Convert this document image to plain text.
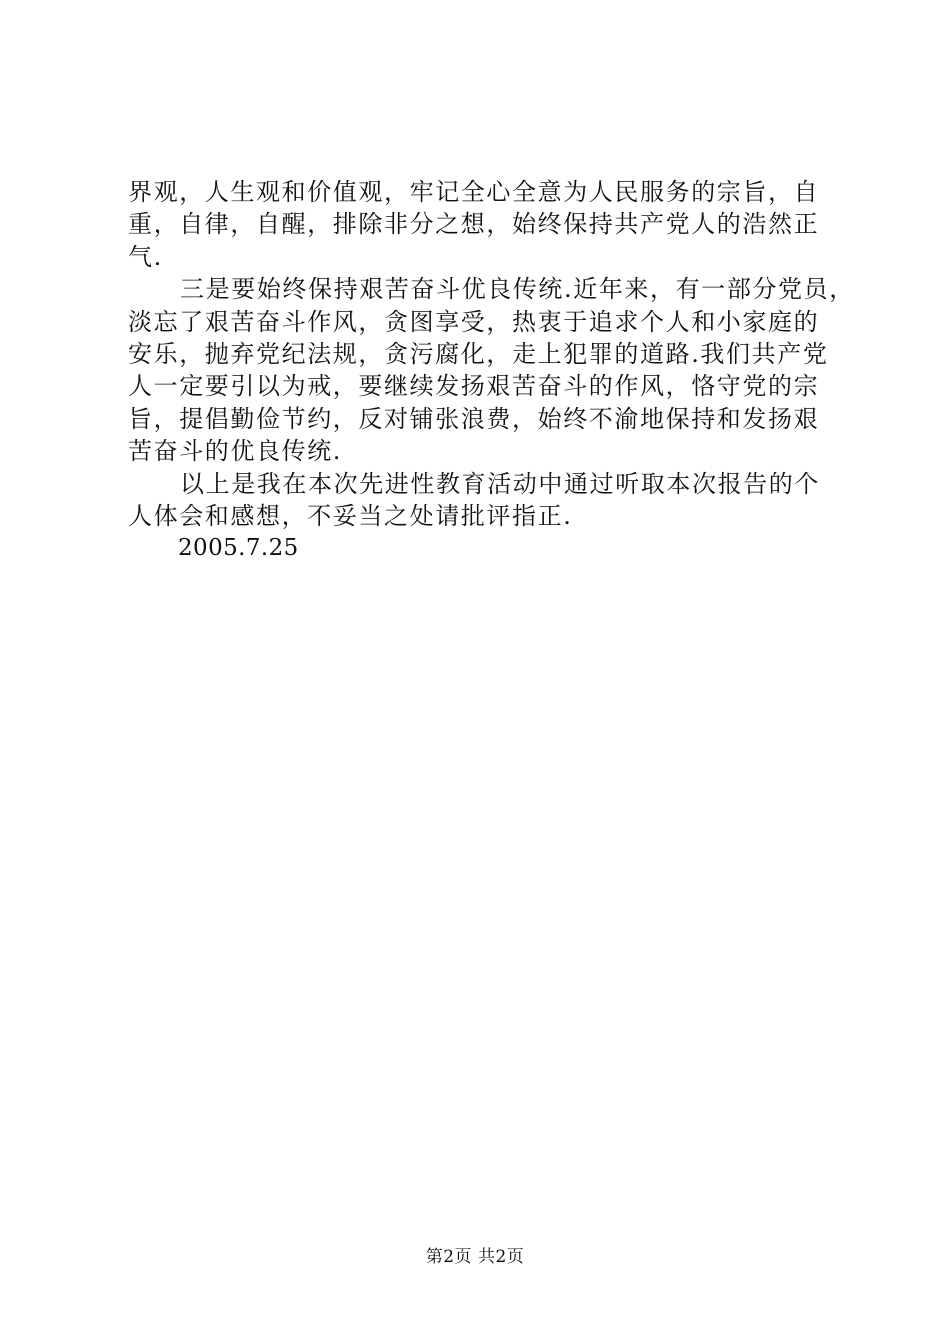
界观，人生观和价值观，牢记全心全意为人民服务的宗旨，自
重，自律，自醒，排除非分之想，始终保持共产党人的浩然正
气.
三是要始终保持艰苦奋斗优良传统.近年来，有一部分党员，
淡忘了艰苦奋斗作风，贪图享受，热衷于追求个人和小家庭的
安乐，抛弃党纪法规，贪污腐化，走上犯罪的道路.我们共产党
人一定要引以为戒，要继续发扬艰苦奋斗的作风，恪守党的宗
旨，提倡勤俭节约，反对铺张浪费，始终不渝地保持和发扬艰
苦奋斗的优良传统.
以上是我在本次先进性教育活动中通过听取本次报告的个
人体会和感想，不妥当之处请批评指正.
2005.7.25
第2页 共2页
